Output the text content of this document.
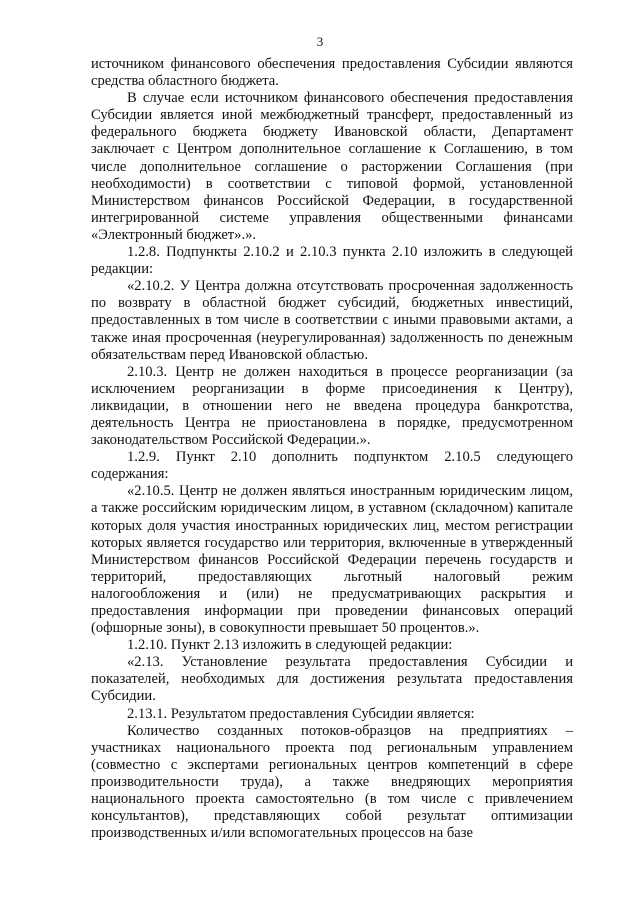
3

источником финансового обеспечения предоставления Субсидии являются средства областного бюджета.

В случае если источником финансового обеспечения предоставления Субсидии является иной межбюджетный трансферт, предоставленный из федерального бюджета бюджету Ивановской области, Департамент заключает с Центром дополнительное соглашение к Соглашению, в том числе дополнительное соглашение о расторжении Соглашения (при необходимости) в соответствии с типовой формой, установленной Министерством финансов Российской Федерации, в государственной интегрированной системе управления общественными финансами «Электронный бюджет».».

1.2.8. Подпункты 2.10.2 и 2.10.3 пункта 2.10 изложить в следующей редакции:

«2.10.2. У Центра должна отсутствовать просроченная задолженность по возврату в областной бюджет субсидий, бюджетных инвестиций, предоставленных в том числе в соответствии с иными правовыми актами, а также иная просроченная (неурегулированная) задолженность по денежным обязательствам перед Ивановской областью.

2.10.3. Центр не должен находиться в процессе реорганизации (за исключением реорганизации в форме присоединения к Центру), ликвидации, в отношении него не введена процедура банкротства, деятельность Центра не приостановлена в порядке, предусмотренном законодательством Российской Федерации.».

1.2.9. Пункт 2.10 дополнить подпунктом 2.10.5 следующего содержания:

«2.10.5. Центр не должен являться иностранным юридическим лицом, а также российским юридическим лицом, в уставном (складочном) капитале которых доля участия иностранных юридических лиц, местом регистрации которых является государство или территория, включенные в утвержденный Министерством финансов Российской Федерации перечень государств и территорий, предоставляющих льготный налоговый режим налогообложения и (или) не предусматривающих раскрытия и предоставления информации при проведении финансовых операций (офшорные зоны), в совокупности превышает 50 процентов.».

1.2.10. Пункт 2.13 изложить в следующей редакции:

«2.13. Установление результата предоставления Субсидии и показателей, необходимых для достижения результата предоставления Субсидии.

2.13.1. Результатом предоставления Субсидии является:

Количество созданных потоков-образцов на предприятиях – участниках национального проекта под региональным управлением (совместно с экспертами региональных центров компетенций в сфере производительности труда), а также внедряющих мероприятия национального проекта самостоятельно (в том числе с привлечением консультантов), представляющих собой результат оптимизации производственных и/или вспомогательных процессов на базе
